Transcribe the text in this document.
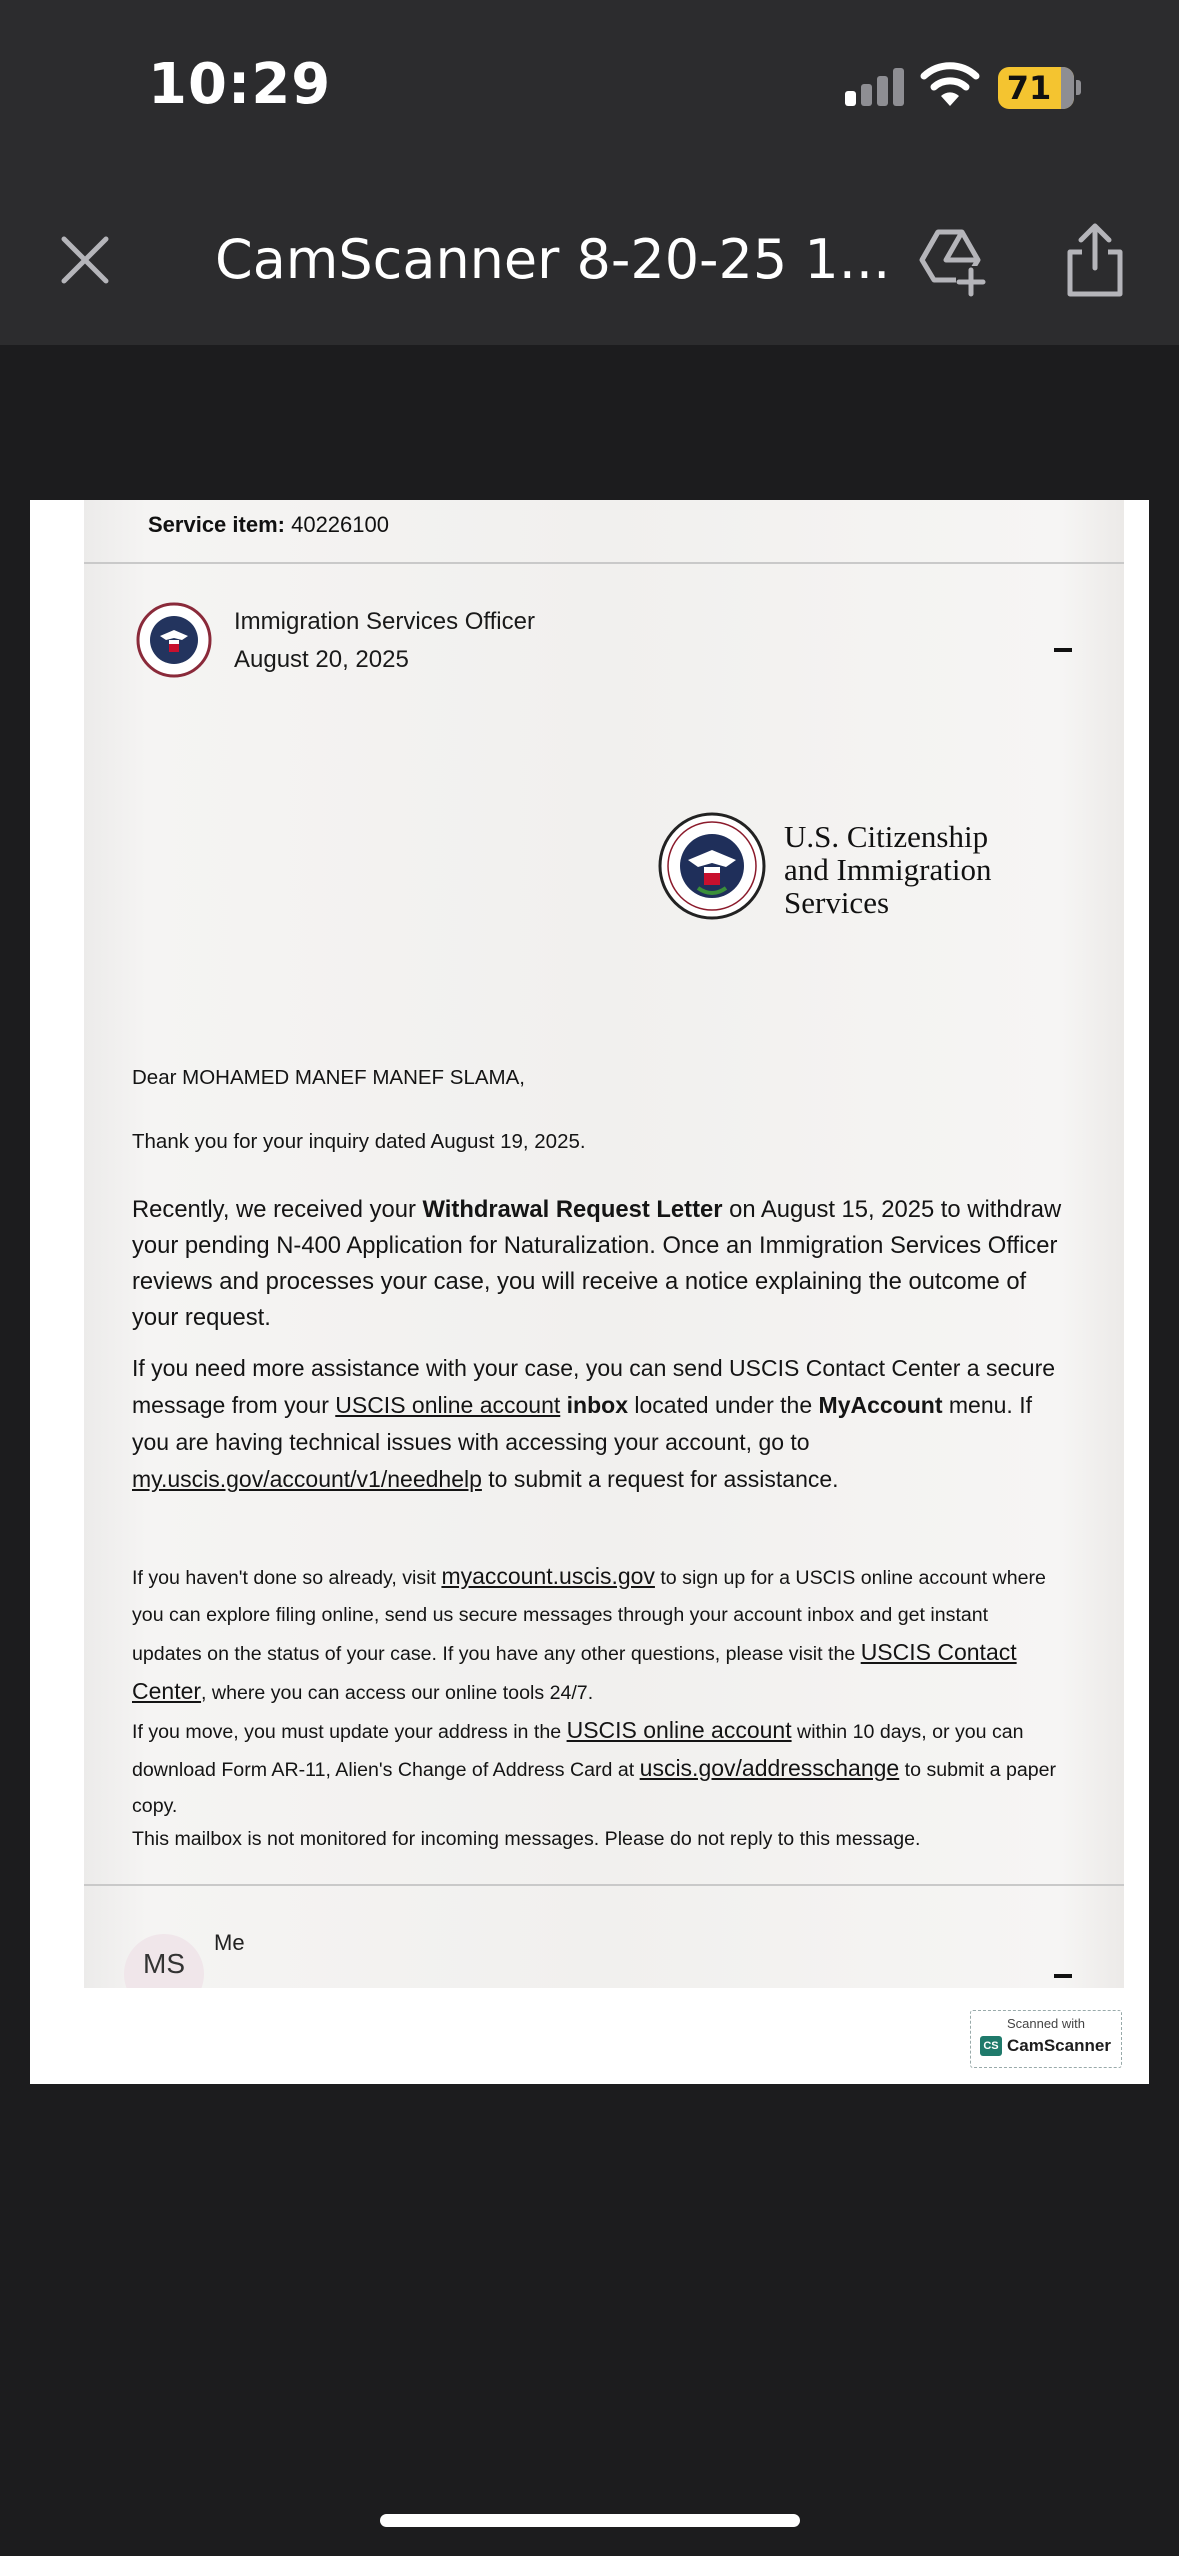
10:29	71
CamScanner 8-20-25 1...
Service item: 40226100
Immigration Services Officer
August 20, 2025
U.S. Citizenship
and Immigration
Services
Dear MOHAMED MANEF MANEF SLAMA,
Thank you for your inquiry dated August 19, 2025.
Recently, we received your Withdrawal Request Letter on August 15, 2025 to withdraw your pending N-400 Application for Naturalization. Once an Immigration Services Officer reviews and processes your case, you will receive a notice explaining the outcome of your request.
If you need more assistance with your case, you can send USCIS Contact Center a secure message from your USCIS online account inbox located under the MyAccount menu. If you are having technical issues with accessing your account, go to my.uscis.gov/account/v1/needhelp to submit a request for assistance.
If you haven't done so already, visit myaccount.uscis.gov to sign up for a USCIS online account where you can explore filing online, send us secure messages through your account inbox and get instant updates on the status of your case. If you have any other questions, please visit the USCIS Contact Center, where you can access our online tools 24/7.
If you move, you must update your address in the USCIS online account within 10 days, or you can download Form AR-11, Alien's Change of Address Card at uscis.gov/addresschange to submit a paper copy.
This mailbox is not monitored for incoming messages. Please do not reply to this message.
MS
Me
Scanned with
CS CamScanner
